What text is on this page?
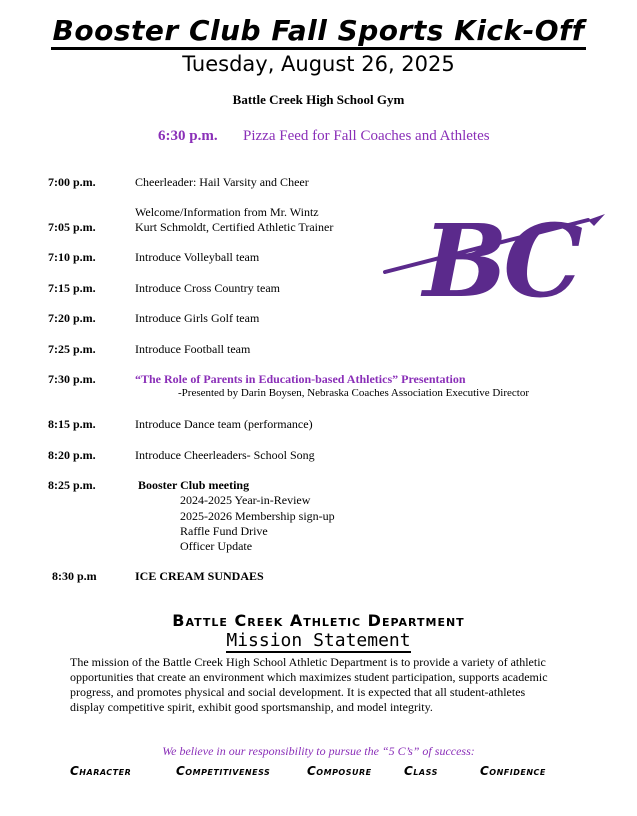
Booster Club Fall Sports Kick-Off
Tuesday, August 26, 2025
Battle Creek High School Gym
6:30 p.m.	Pizza Feed for Fall Coaches and Athletes
7:00 p.m.	Cheerleader: Hail Varsity and Cheer
Welcome/Information from Mr. Wintz
7:05 p.m.	Kurt Schmoldt, Certified Athletic Trainer
7:10 p.m.	Introduce Volleyball team
7:15 p.m.	Introduce Cross Country team
7:20 p.m.	Introduce Girls Golf team
7:25 p.m.	Introduce Football team
7:30 p.m.	“The Role of Parents in Education-based Athletics” Presentation
-Presented by Darin Boysen, Nebraska Coaches Association Executive Director
8:15 p.m.	Introduce Dance team (performance)
8:20 p.m.	Introduce Cheerleaders- School Song
8:25 p.m.	Booster Club meeting
2024-2025 Year-in-Review
2025-2026 Membership sign-up
Raffle Fund Drive
Officer Update
8:30 p.m	ICE CREAM SUNDAES
BC
Battle Creek Athletic Department
Mission Statement
The mission of the Battle Creek High School Athletic Department is to provide a variety of athletic opportunities that create an environment which maximizes student participation, supports academic progress, and promotes physical and social development. It is expected that all student-athletes display competitive spirit, exhibit good sportsmanship, and model integrity.
We believe in our responsibility to pursue the “5 C’s” of success:
Character	Competitiveness	Composure	Class	Confidence
